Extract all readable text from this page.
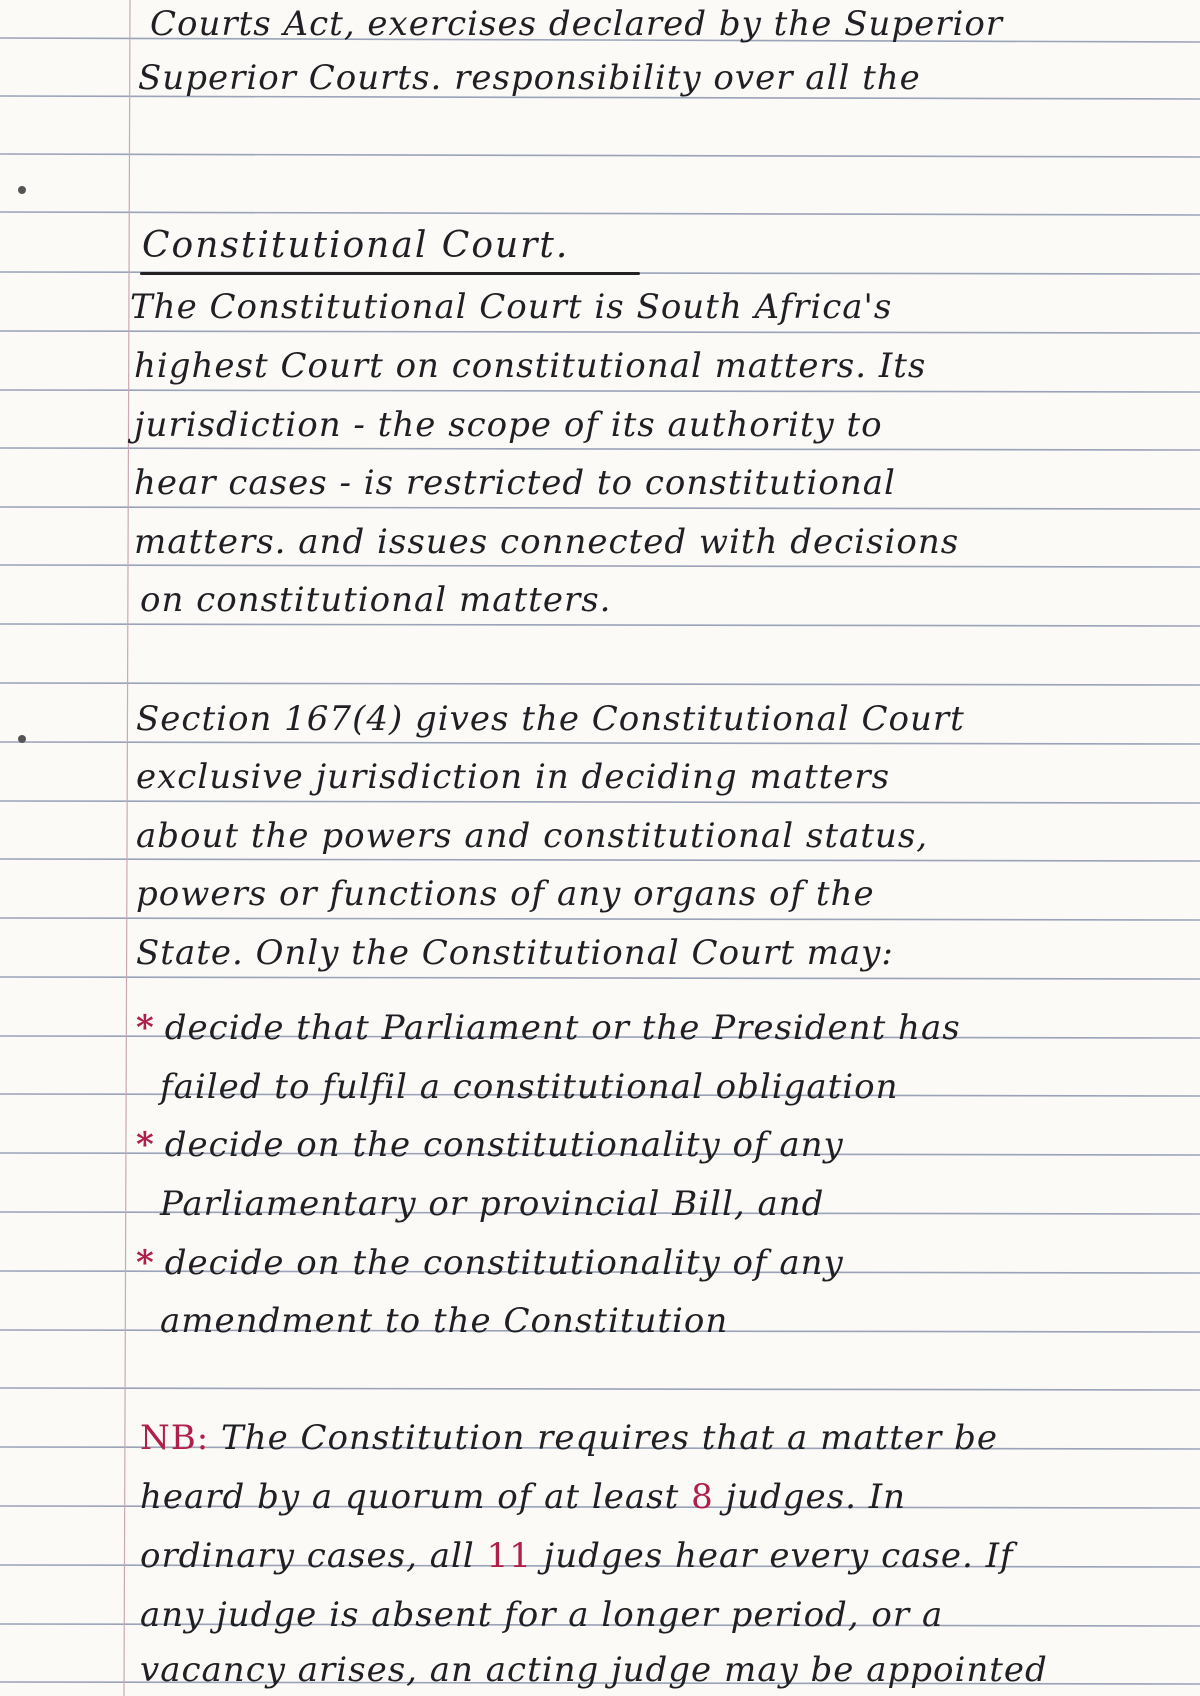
Courts Act, exercises declared by the Superior
Superior Courts. responsibility over all the
Constitutional Court.
The Constitutional Court is South Africa's
highest Court on constitutional matters. Its
jurisdiction - the scope of its authority to
hear cases - is restricted to constitutional
matters. and issues connected with decisions
on constitutional matters.
Section 167(4) gives the Constitutional Court
exclusive jurisdiction in deciding matters
about the powers and constitutional status,
powers or functions of any organs of the
State. Only the Constitutional Court may:
* decide that Parliament or the President has
failed to fulfil a constitutional obligation
* decide on the constitutionality of any
Parliamentary or provincial Bill, and
* decide on the constitutionality of any
amendment to the Constitution
NB: The Constitution requires that a matter be
heard by a quorum of at least 8 judges. In
ordinary cases, all 11 judges hear every case. If
any judge is absent for a longer period, or a
vacancy arises, an acting judge may be appointed
